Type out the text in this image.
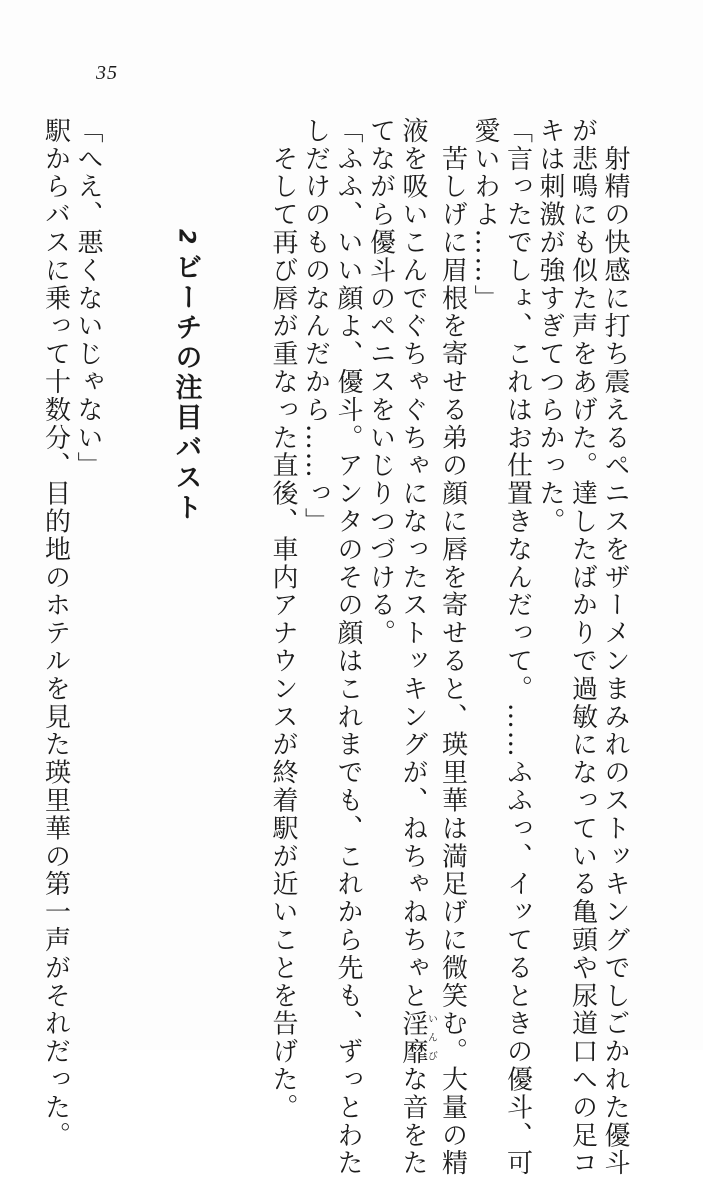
35
　射精の快感に打ち震えるペニスをザーメンまみれのストッキングでしごかれた優斗
が悲鳴にも似た声をあげた。達したばかりで過敏になっている亀頭や尿道口への足コ
キは刺激が強すぎてつらかった。
「言ったでしょ、これはお仕置きなんだって。……ふふっ、イッてるときの優斗、可
愛いわよ……」
　苦しげに眉根を寄せる弟の顔に唇を寄せると、瑛里華は満足げに微笑む。大量の精
液を吸いこんでぐちゃぐちゃになったストッキングが、ねちゃねちゃと淫靡いんびな音をた
てながら優斗のペニスをいじりつづける。
「ふふ、いい顔よ、優斗。アンタのその顔はこれまでも、これから先も、ずっとわた
しだけのものなんだから……っ」
　そして再び唇が重なった直後、車内アナウンスが終着駅が近いことを告げた。
2ビーチの注目バスト
「へえ、悪くないじゃない」
駅からバスに乗って十数分、目的地のホテルを見た瑛里華の第一声がそれだった。
